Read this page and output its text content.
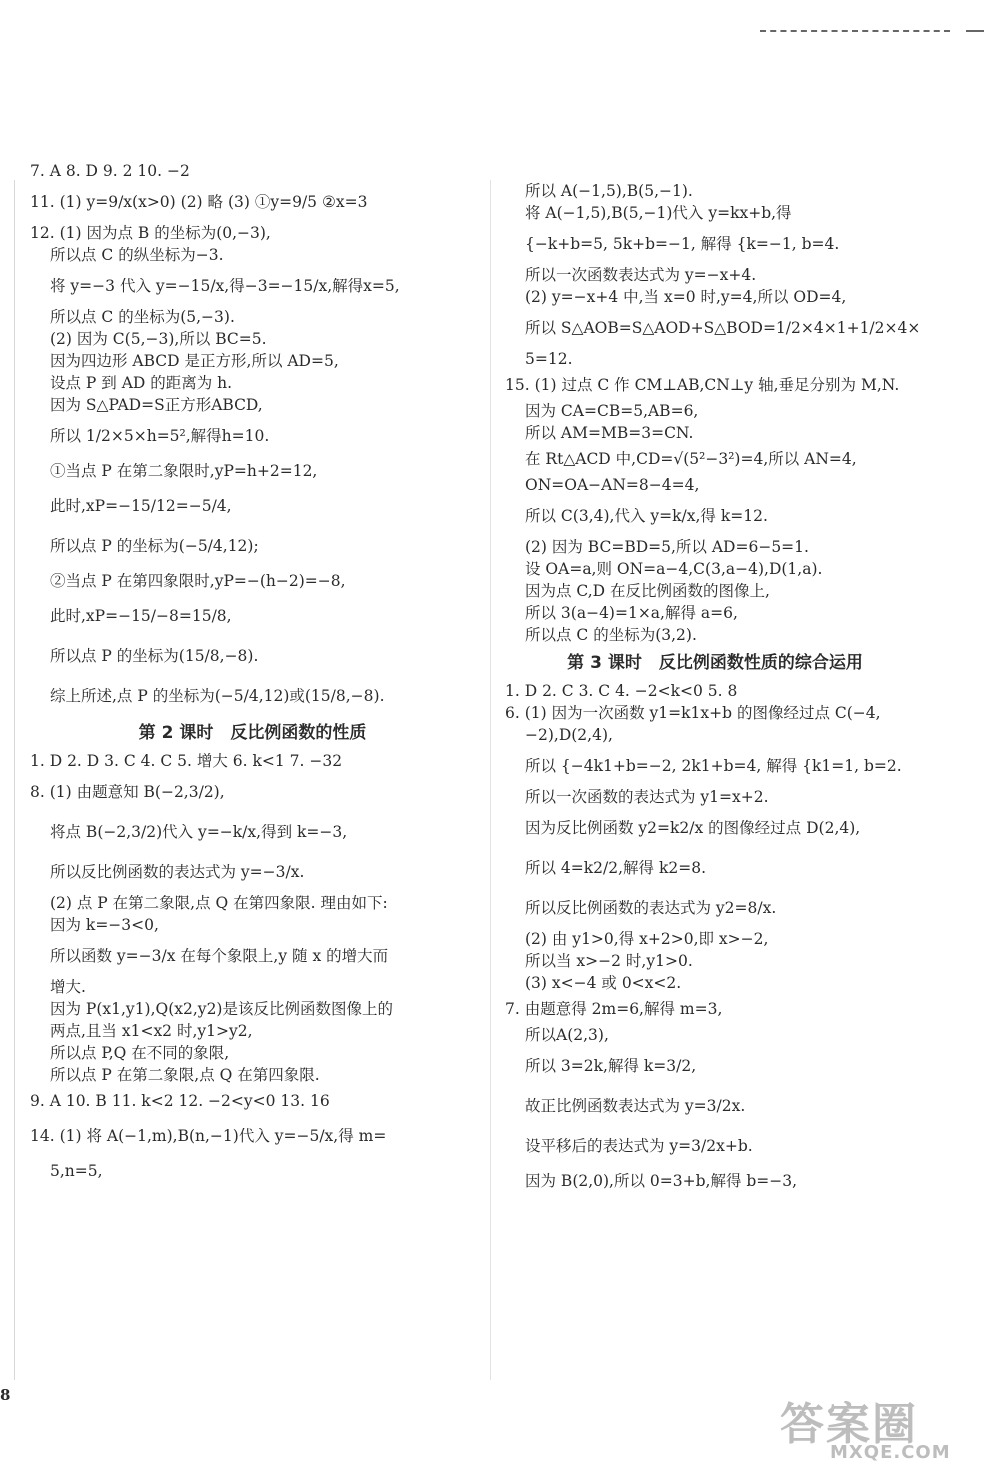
7. A 8. D 9. 2 10. −2
11. (1) y=9/x(x>0) (2) 略 (3) ①y=9/5 ②x=3
12. (1) 因为点 B 的坐标为(0,−3),
所以点 C 的纵坐标为−3.
将 y=−3 代入 y=−15/x,得−3=−15/x,解得x=5,
所以点 C 的坐标为(5,−3).
(2) 因为 C(5,−3),所以 BC=5.
因为四边形 ABCD 是正方形,所以 AD=5,
设点 P 到 AD 的距离为 h.
因为 S△PAD=S正方形ABCD,
所以 1/2×5×h=5²,解得h=10.
①当点 P 在第二象限时,yP=h+2=12,
此时,xP=−15/12=−5/4,
所以点 P 的坐标为(−5/4,12);
②当点 P 在第四象限时,yP=−(h−2)=−8,
此时,xP=−15/−8=15/8,
所以点 P 的坐标为(15/8,−8).
综上所述,点 P 的坐标为(−5/4,12)或(15/8,−8).
第 2 课时　反比例函数的性质
1. D 2. D 3. C 4. C 5. 增大 6. k<1 7. −32
8. (1) 由题意知 B(−2,3/2),
将点 B(−2,3/2)代入 y=−k/x,得到 k=−3,
所以反比例函数的表达式为 y=−3/x.
(2) 点 P 在第二象限,点 Q 在第四象限. 理由如下:
因为 k=−3<0,
所以函数 y=−3/x 在每个象限上,y 随 x 的增大而
增大.
因为 P(x1,y1),Q(x2,y2)是该反比例函数图像上的
两点,且当 x1<x2 时,y1>y2,
所以点 P,Q 在不同的象限,
所以点 P 在第二象限,点 Q 在第四象限.
9. A 10. B 11. k<2 12. −2<y<0 13. 16
14. (1) 将 A(−1,m),B(n,−1)代入 y=−5/x,得 m=
5,n=5,
所以 A(−1,5),B(5,−1).
将 A(−1,5),B(5,−1)代入 y=kx+b,得
{−k+b=5, 5k+b=−1, 解得 {k=−1, b=4.
所以一次函数表达式为 y=−x+4.
(2) y=−x+4 中,当 x=0 时,y=4,所以 OD=4,
所以 S△AOB=S△AOD+S△BOD=1/2×4×1+1/2×4×
5=12.
15. (1) 过点 C 作 CM⊥AB,CN⊥y 轴,垂足分别为 M,N.
因为 CA=CB=5,AB=6,
所以 AM=MB=3=CN.
在 Rt△ACD 中,CD=√(5²−3²)=4,所以 AN=4,
ON=OA−AN=8−4=4,
所以 C(3,4),代入 y=k/x,得 k=12.
(2) 因为 BC=BD=5,所以 AD=6−5=1.
设 OA=a,则 ON=a−4,C(3,a−4),D(1,a).
因为点 C,D 在反比例函数的图像上,
所以 3(a−4)=1×a,解得 a=6,
所以点 C 的坐标为(3,2).
第 3 课时　反比例函数性质的综合运用
1. D 2. C 3. C 4. −2<k<0 5. 8
6. (1) 因为一次函数 y1=k1x+b 的图像经过点 C(−4,
−2),D(2,4),
所以 {−4k1+b=−2, 2k1+b=4, 解得 {k1=1, b=2.
所以一次函数的表达式为 y1=x+2.
因为反比例函数 y2=k2/x 的图像经过点 D(2,4),
所以 4=k2/2,解得 k2=8.
所以反比例函数的表达式为 y2=8/x.
(2) 由 y1>0,得 x+2>0,即 x>−2,
所以当 x>−2 时,y1>0.
(3) x<−4 或 0<x<2.
7. 由题意得 2m=6,解得 m=3,
所以A(2,3),
所以 3=2k,解得 k=3/2,
故正比例函数表达式为 y=3/2x.
设平移后的表达式为 y=3/2x+b.
因为 B(2,0),所以 0=3+b,解得 b=−3,
8
答案圈
MXQE.COM
